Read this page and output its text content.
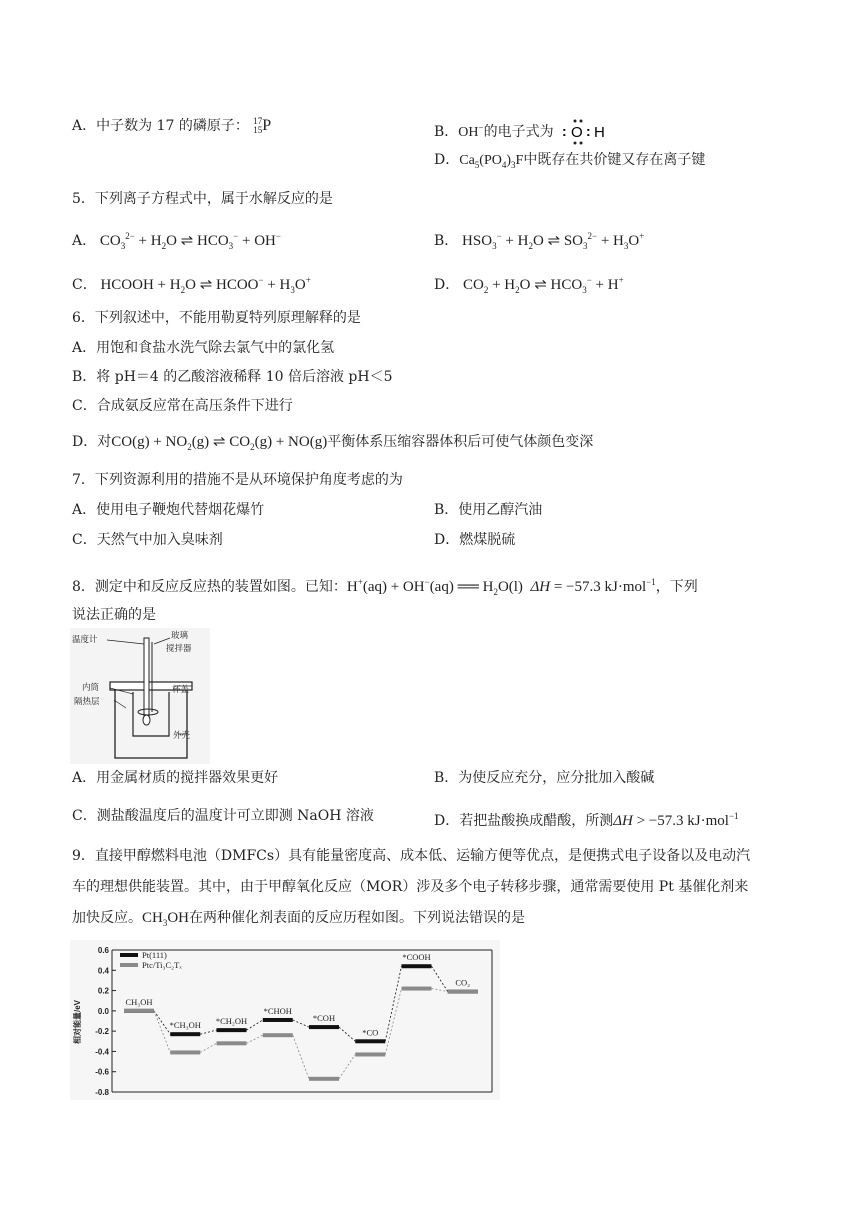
A．中子数为 17 的磷原子： 17
15P	B．OH−的电子式为 : O : H
D．$Ca_5(PO_4)_3F$中既存在共价键又存在离子键
5．下列离子方程式中，属于水解反应的是
A． $CO_3^{2-} + H_2O$ ⇌ $HCO_3^- + OH^-$	B． $HSO_3^- + H_2O$ ⇌ $SO_3^{2-} + H_3O^+$
C． HCOOH + $H_2O$ ⇌ HCOO− + $H_3O^+$	D． $CO_2 + H_2O$ ⇌ $HCO_3^- + H^+$
6．下列叙述中，不能用勒夏特列原理解释的是
A．用饱和食盐水洗气除去氯气中的氯化氢
B．将 pH＝4 的乙酸溶液稀释 10 倍后溶液 pH＜5
C．合成氨反应常在高压条件下进行
D．对$CO(g) + NO_2(g)$ ⇌ $CO_2(g) + NO(g)$平衡体系压缩容器体积后可使气体颜色变深
7．下列资源利用的措施不是从环境保护角度考虑的为
A．使用电子鞭炮代替烟花爆竹	B．使用乙醇汽油
C．天然气中加入臭味剂	D．燃煤脱硫
8．测定中和反应反应热的装置如图。已知：H+(aq) + OH−(aq) ══ $H_2O(l) \Delta H = -57.3$ kJ·mol$^{-1}$，下列
说法正确的是
温度计	玻璃
搅拌器
内筒
隔热层
杯盖
外壳
A．用金属材质的搅拌器效果更好	B．为使反应充分，应分批加入酸碱
C．测盐酸温度后的温度计可立即测 NaOH 溶液	D．若把盐酸换成醋酸，所测ΔH > −57.3 kJ·mol$^{-1}$
9．直接甲醇燃料电池（DMFCs）具有能量密度高、成本低、运输方便等优点，是便携式电子设备以及电动汽
车的理想供能装置。其中，由于甲醇氧化反应（MOR）涉及多个电子转移步骤，通常需要使用 Pt 基催化剂来
加快反应。$CH_3OH$在两种催化剂表面的反应历程如图。下列说法错误的是
相对能量/eV
0.6
0.4
0.2
0.0
-0.2
-0.4
-0.6
-0.8
CH₃OH
*CH₃OH *CH₂OH
*CHOH
*COH
*CO
*COOH
CO₂
Pt(111)
Ptc/Ti₃C₂Tₓ
